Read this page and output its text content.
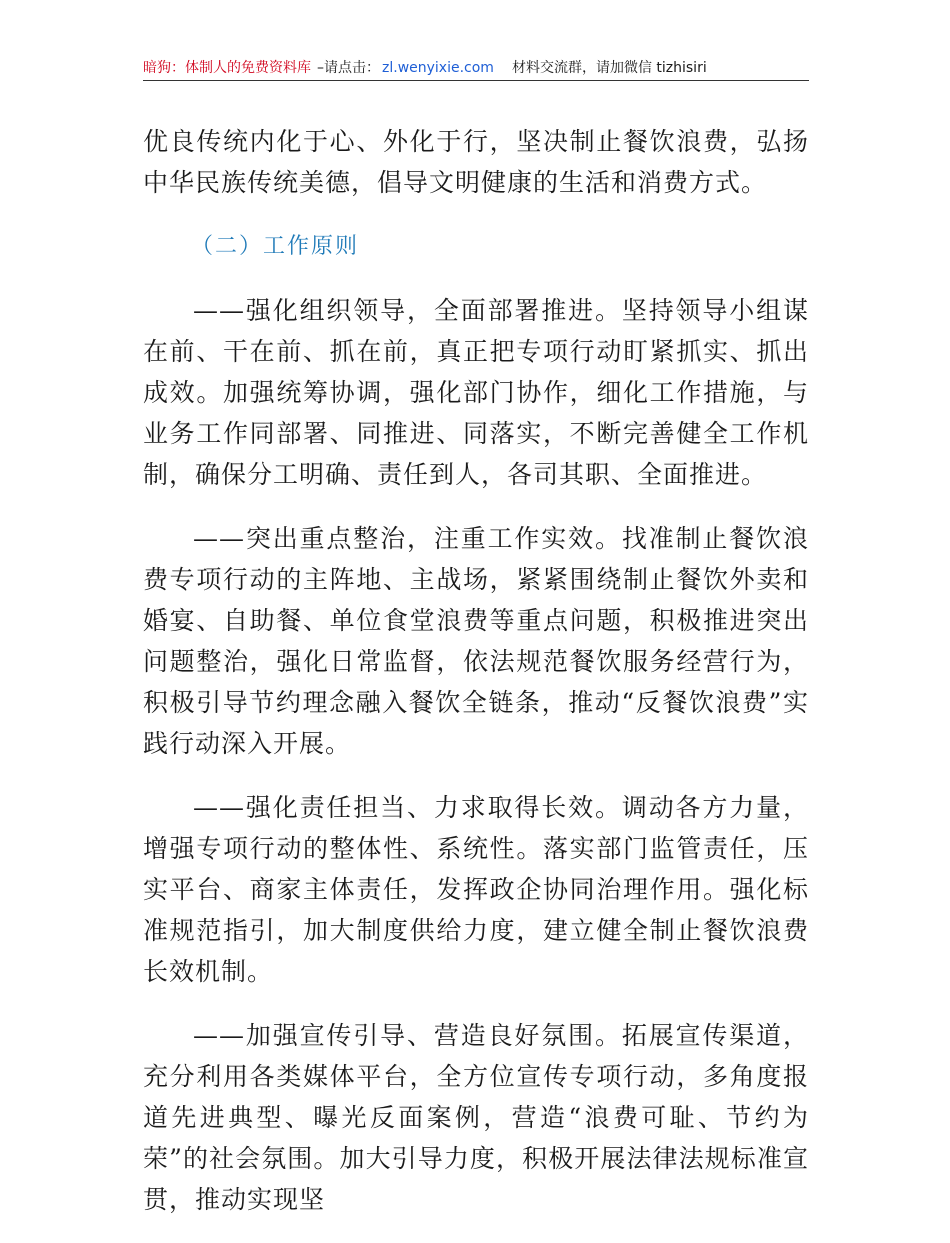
暗狗：体制人的免费资料库 –请点击： zl.wenyixie.com 材料交流群，请加微信 tizhisiri

优良传统内化于心、外化于行，坚决制止餐饮浪费，弘扬中华民族传统美德，倡导文明健康的生活和消费方式。

（二）工作原则

——强化组织领导，全面部署推进。坚持领导小组谋在前、干在前、抓在前，真正把专项行动盯紧抓实、抓出成效。加强统筹协调，强化部门协作，细化工作措施，与业务工作同部署、同推进、同落实，不断完善健全工作机制，确保分工明确、责任到人，各司其职、全面推进。

——突出重点整治，注重工作实效。找准制止餐饮浪费专项行动的主阵地、主战场，紧紧围绕制止餐饮外卖和婚宴、自助餐、单位食堂浪费等重点问题，积极推进突出问题整治，强化日常监督，依法规范餐饮服务经营行为，积极引导节约理念融入餐饮全链条，推动“反餐饮浪费”实践行动深入开展。

——强化责任担当、力求取得长效。调动各方力量，增强专项行动的整体性、系统性。落实部门监管责任，压实平台、商家主体责任，发挥政企协同治理作用。强化标准规范指引，加大制度供给力度，建立健全制止餐饮浪费长效机制。

——加强宣传引导、营造良好氛围。拓展宣传渠道，充分利用各类媒体平台，全方位宣传专项行动，多角度报道先进典型、曝光反面案例，营造“浪费可耻、节约为荣”的社会氛围。加大引导力度，积极开展法律法规标准宣贯，推动实现坚
